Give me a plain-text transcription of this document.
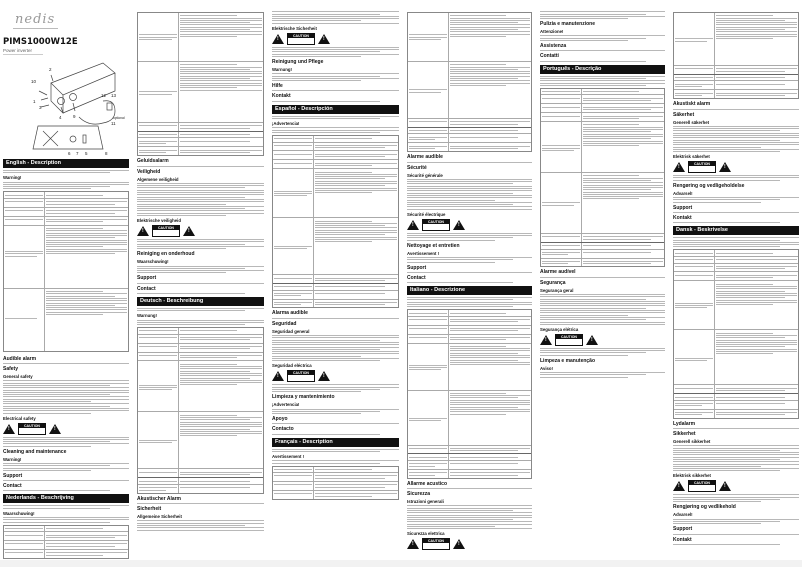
nedis
PIMS1000W12E
Power inverter
10
2
1
3
4	9
12 13
11
optional
6 7 5	8
English - Description
Warning!
Audible alarm
Safety
General safety
Electrical safety
!
CAUTION
!
Cleaning and maintenance
Warning!
Support
Contact
Nederlands - Beschrijving
Waarschuwing!
Geluidsalarm
Veiligheid
Algemene veiligheid
Elektrische veiligheid
!
CAUTION
!
Reiniging en onderhoud
Waarschuwing!
Support
Contact
Deutsch - Beschreibung
Warnung!
Akustischer Alarm
Sicherheit
Allgemeine Sicherheit
Elektrische Sicherheit
!
CAUTION
!
Reinigung und Pflege
Warnung!
Hilfe
Kontakt
Español - Descripción
¡Advertencia!
Alarma audible
Seguridad
Seguridad general
Seguridad eléctrica
!
CAUTION
!
Limpieza y mantenimiento
¡Advertencia!
Apoyo
Contacto
Français - Description
Avertissement !
Alarme audible
Sécurité
Sécurité générale
Sécurité électrique
!
CAUTION
!
Nettoyage et entretien
Avertissement !
Support
Contact
Italiano - Descrizione
Allarme acustico
Sicurezza
Istruzioni generali
Sicurezza elettrica
!
CAUTION
!
Pulizia e manutenzione
Attenzione!
Assistenza
Contatti
Português - Descrição
Alarme audível
Segurança
Segurança geral
Segurança elétrica
!
CAUTION
!
Limpeza e manutenção
Aviso!
Akustiskt alarm
Säkerhet
Generell säkerhet
Elektrisk säkerhet
!
CAUTION
!
Rengøring og vedligeholdelse
Advarsel!
Support
Kontakt
Dansk - Beskrivelse
Lydalarm
Sikkerhet
Generell sikkerhet
Elektrisk sikkerhet
!
CAUTION
!
Rengjøring og vedlikehold
Advarsel!
Support
Kontakt
